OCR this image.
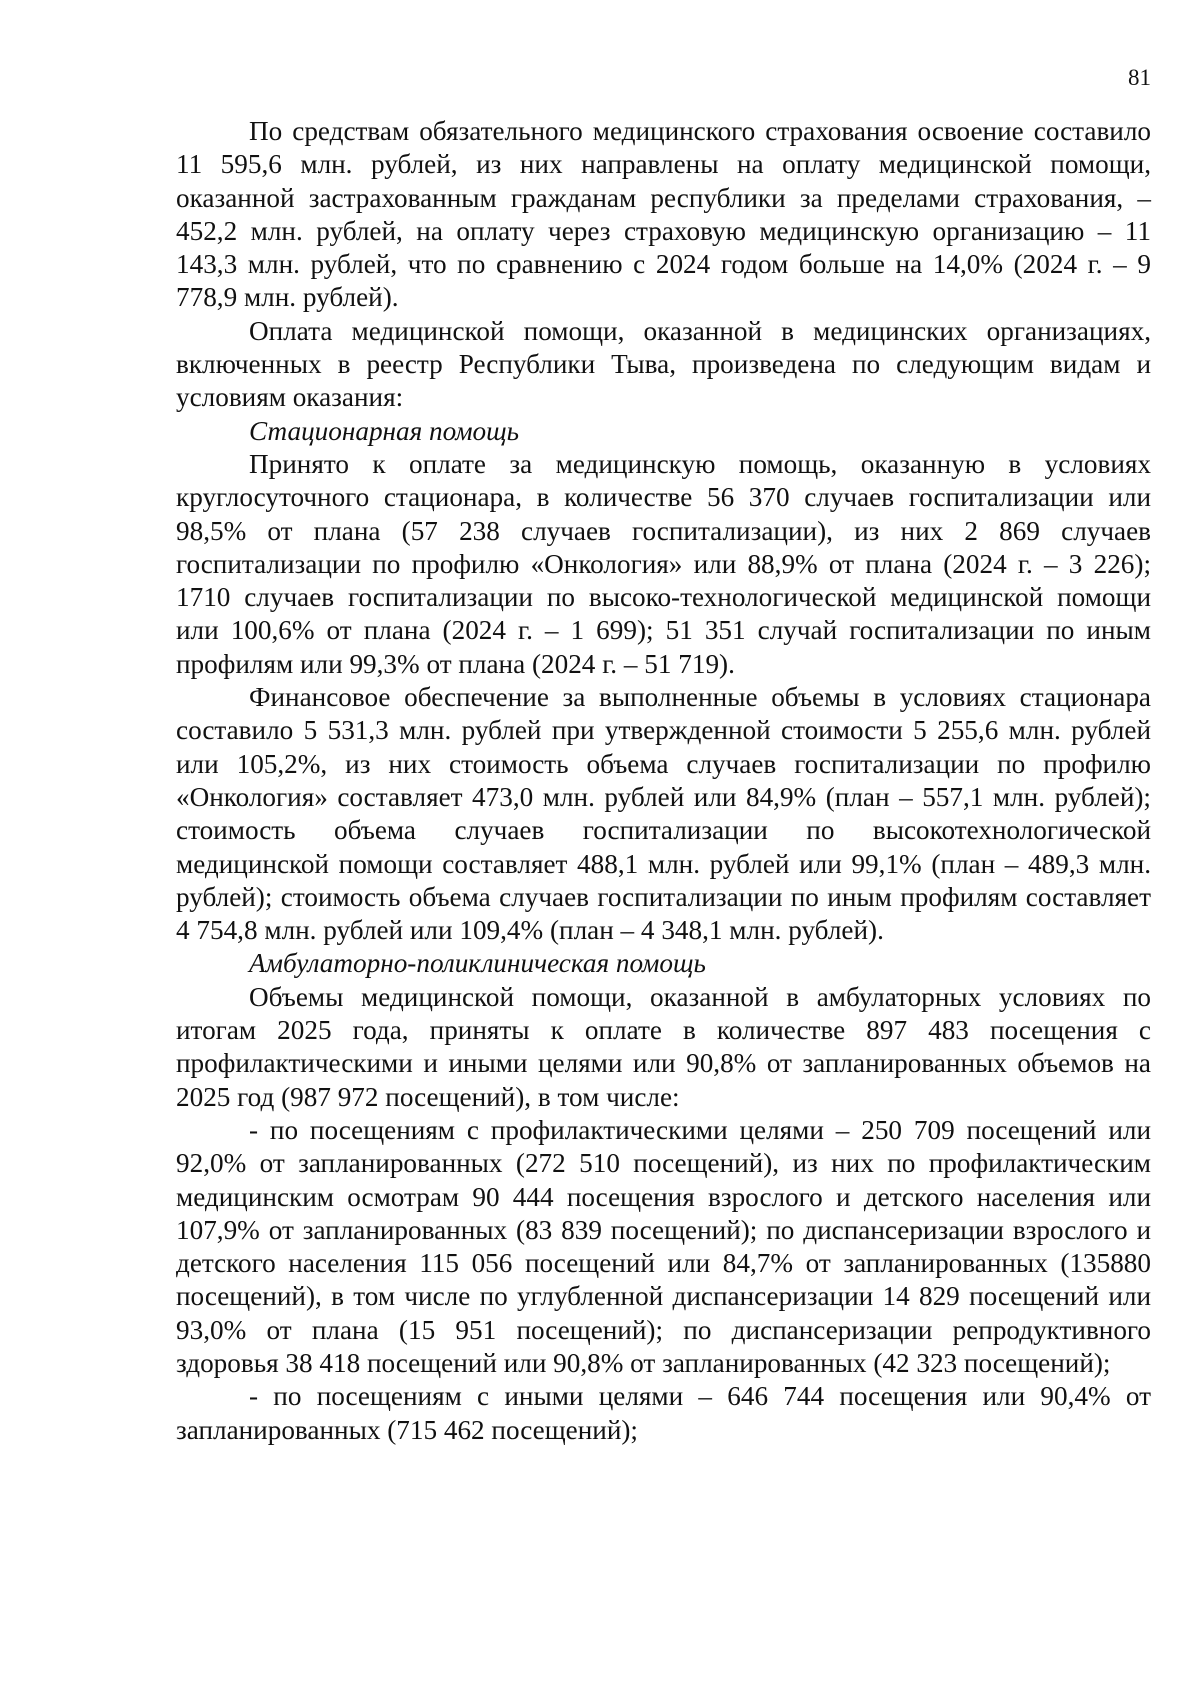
81

По средствам обязательного медицинского страхования освоение составило 11 595,6 млн. рублей, из них направлены на оплату медицинской помощи, оказанной застрахованным гражданам республики за пределами страхования, – 452,2 млн. рублей, на оплату через страховую медицинскую организацию – 11 143,3 млн. рублей, что по сравнению с 2024 годом больше на 14,0% (2024 г. – 9 778,9 млн. рублей).

Оплата медицинской помощи, оказанной в медицинских организациях, включенных в реестр Республики Тыва, произведена по следующим видам и условиям оказания:

Стационарная помощь

Принято к оплате за медицинскую помощь, оказанную в условиях круглосуточного стационара, в количестве 56 370 случаев госпитализации или 98,5% от плана (57 238 случаев госпитализации), из них 2 869 случаев госпитализации по профилю «Онкология» или 88,9% от плана (2024 г. – 3 226); 1710 случаев госпитализации по высоко-технологической медицинской помощи или 100,6% от плана (2024 г. – 1 699); 51 351 случай госпитализации по иным профилям или 99,3% от плана (2024 г. – 51 719).

Финансовое обеспечение за выполненные объемы в условиях стационара составило 5 531,3 млн. рублей при утвержденной стоимости 5 255,6 млн. рублей или 105,2%, из них стоимость объема случаев госпитализации по профилю «Онкология» составляет 473,0 млн. рублей или 84,9% (план – 557,1 млн. рублей); стоимость объема случаев госпитализации по высокотехнологической медицинской помощи составляет 488,1 млн. рублей или 99,1% (план – 489,3 млн. рублей); стоимость объема случаев госпитализации по иным профилям составляет 4 754,8 млн. рублей или 109,4% (план – 4 348,1 млн. рублей).

Амбулаторно-поликлиническая помощь

Объемы медицинской помощи, оказанной в амбулаторных условиях по итогам 2025 года, приняты к оплате в количестве 897 483 посещения с профилактическими и иными целями или 90,8% от запланированных объемов на 2025 год (987 972 посещений), в том числе:

- по посещениям с профилактическими целями – 250 709 посещений или 92,0% от запланированных (272 510 посещений), из них по профилактическим медицинским осмотрам 90 444 посещения взрослого и детского населения или 107,9% от запланированных (83 839 посещений); по диспансеризации взрослого и детского населения 115 056 посещений или 84,7% от запланированных (135880 посещений), в том числе по углубленной диспансеризации 14 829 посещений или 93,0% от плана (15 951 посещений); по диспансеризации репродуктивного здоровья 38 418 посещений или 90,8% от запланированных (42 323 посещений);

- по посещениям с иными целями – 646 744 посещения или 90,4% от запланированных (715 462 посещений);
